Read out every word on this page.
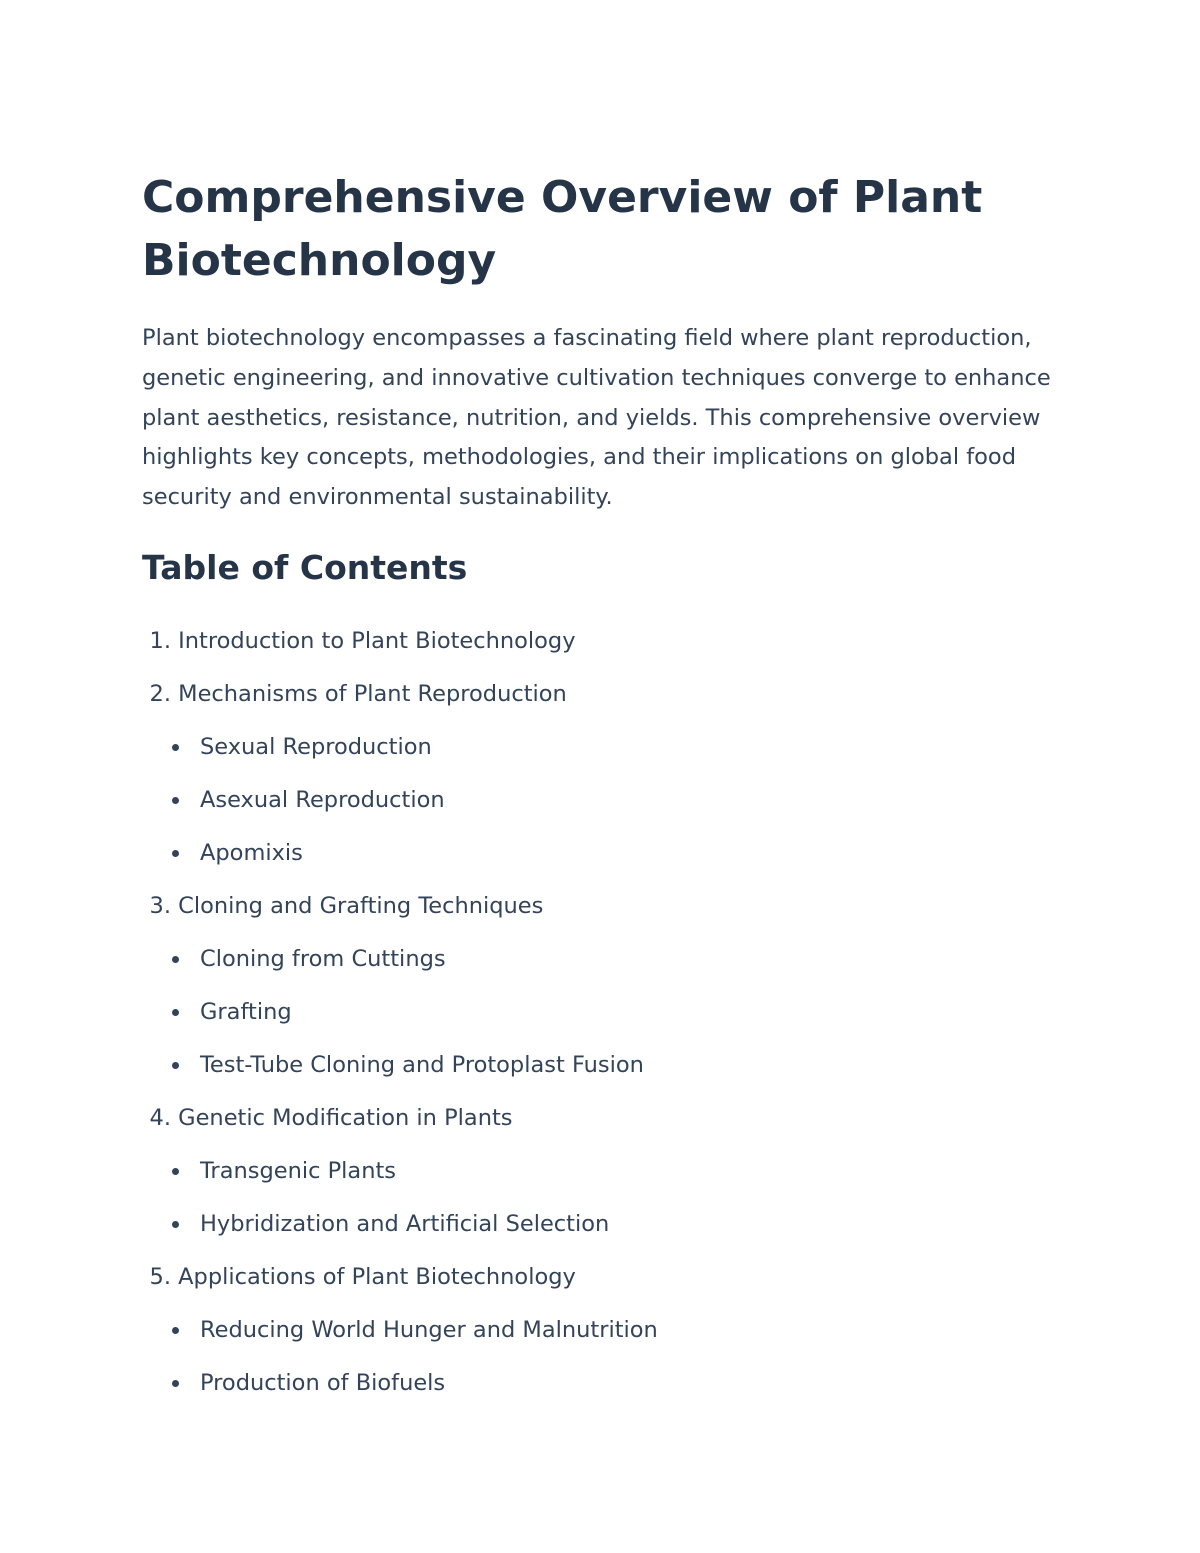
Comprehensive Overview of Plant Biotechnology

Plant biotechnology encompasses a fascinating field where plant reproduction, genetic engineering, and innovative cultivation techniques converge to enhance plant aesthetics, resistance, nutrition, and yields. This comprehensive overview highlights key concepts, methodologies, and their implications on global food security and environmental sustainability.

Table of Contents
1. Introduction to Plant Biotechnology
2. Mechanisms of Plant Reproduction
Sexual Reproduction
Asexual Reproduction
Apomixis
3. Cloning and Grafting Techniques
Cloning from Cuttings
Grafting
Test-Tube Cloning and Protoplast Fusion
4. Genetic Modification in Plants
Transgenic Plants
Hybridization and Artificial Selection
5. Applications of Plant Biotechnology
Reducing World Hunger and Malnutrition
Production of Biofuels
